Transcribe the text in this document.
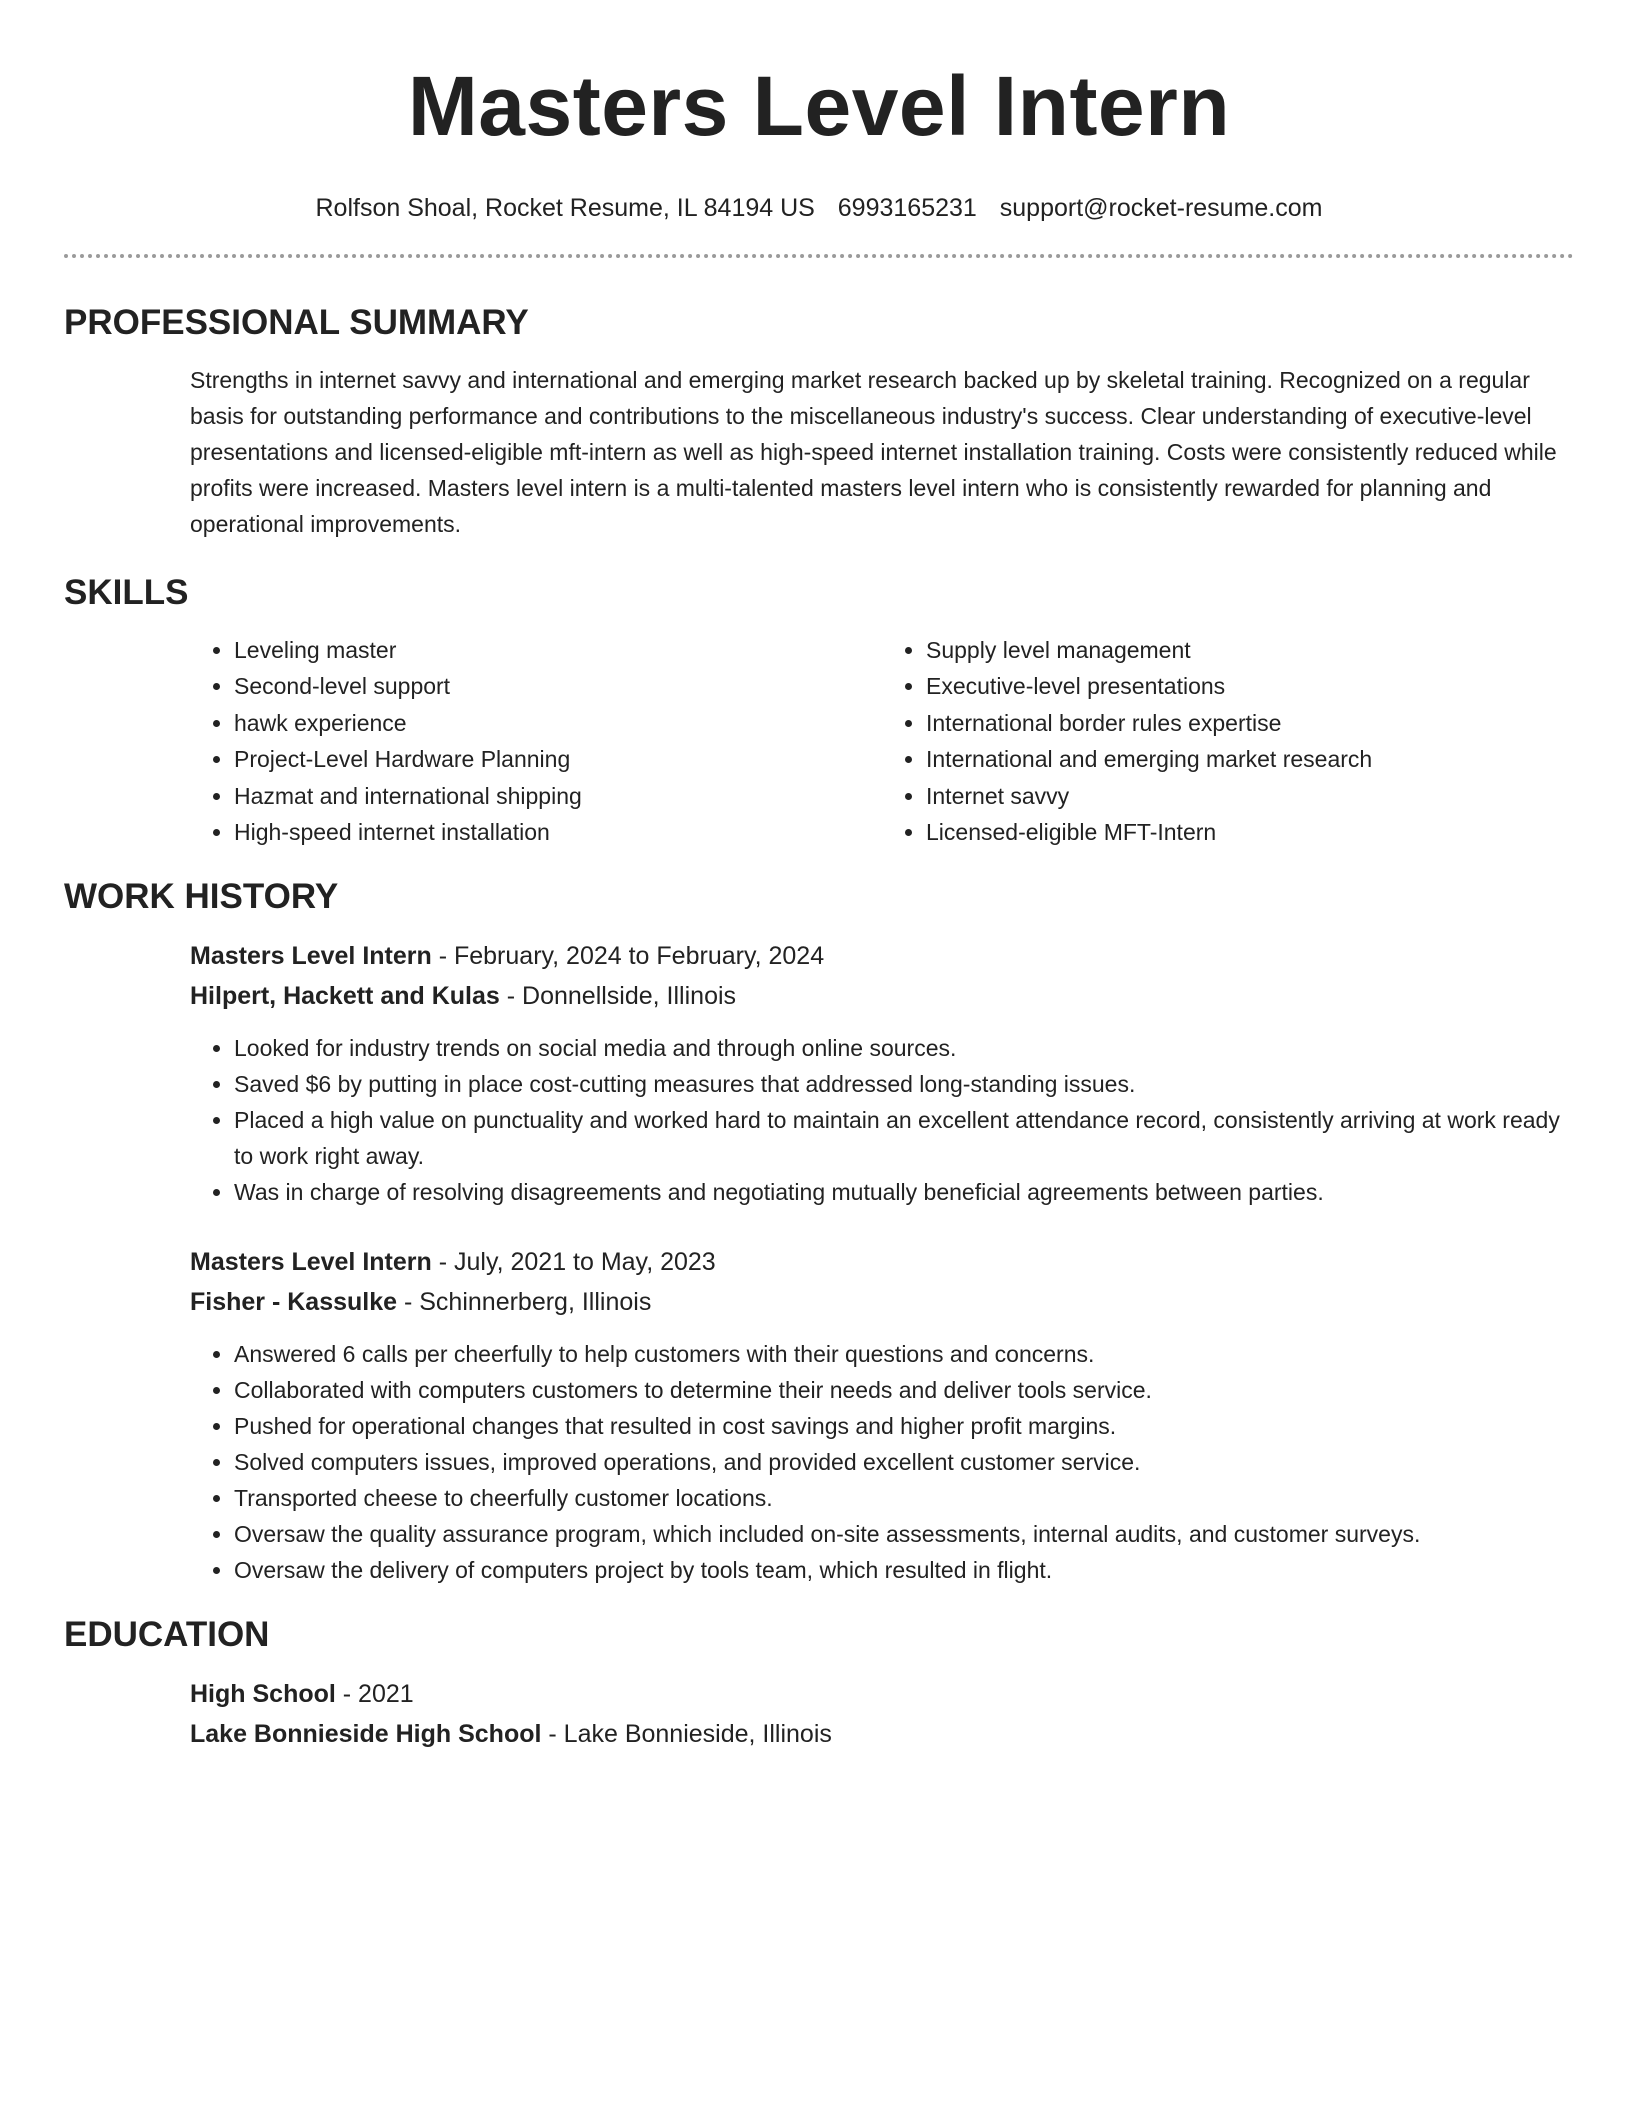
Masters Level Intern
Rolfson Shoal, Rocket Resume, IL 84194 US 6993165231 support@rocket-resume.com
PROFESSIONAL SUMMARY

Strengths in internet savvy and international and emerging market research backed up by skeletal training. Recognized on a regular basis for outstanding performance and contributions to the miscellaneous industry's success. Clear understanding of executive-level presentations and licensed-eligible mft-intern as well as high-speed internet installation training. Costs were consistently reduced while profits were increased. Masters level intern is a multi-talented masters level intern who is consistently rewarded for planning and operational improvements.

SKILLS
• Leveling master
• Second-level support
• hawk experience
• Project-Level Hardware Planning
• Hazmat and international shipping
• High-speed internet installation
• Supply level management
• Executive-level presentations
• International border rules expertise
• International and emerging market research
• Internet savvy
• Licensed-eligible MFT-Intern
WORK HISTORY
Masters Level Intern - February, 2024 to February, 2024
Hilpert, Hackett and Kulas - Donnellside, Illinois
• Looked for industry trends on social media and through online sources.
• Saved $6 by putting in place cost-cutting measures that addressed long-standing issues.
• Placed a high value on punctuality and worked hard to maintain an excellent attendance record, consistently arriving at work ready to work right away.
• Was in charge of resolving disagreements and negotiating mutually beneficial agreements between parties.
Masters Level Intern - July, 2021 to May, 2023
Fisher - Kassulke - Schinnerberg, Illinois
• Answered 6 calls per cheerfully to help customers with their questions and concerns.
• Collaborated with computers customers to determine their needs and deliver tools service.
• Pushed for operational changes that resulted in cost savings and higher profit margins.
• Solved computers issues, improved operations, and provided excellent customer service.
• Transported cheese to cheerfully customer locations.
• Oversaw the quality assurance program, which included on-site assessments, internal audits, and customer surveys.
• Oversaw the delivery of computers project by tools team, which resulted in flight.
EDUCATION
High School - 2021
Lake Bonnieside High School - Lake Bonnieside, Illinois
